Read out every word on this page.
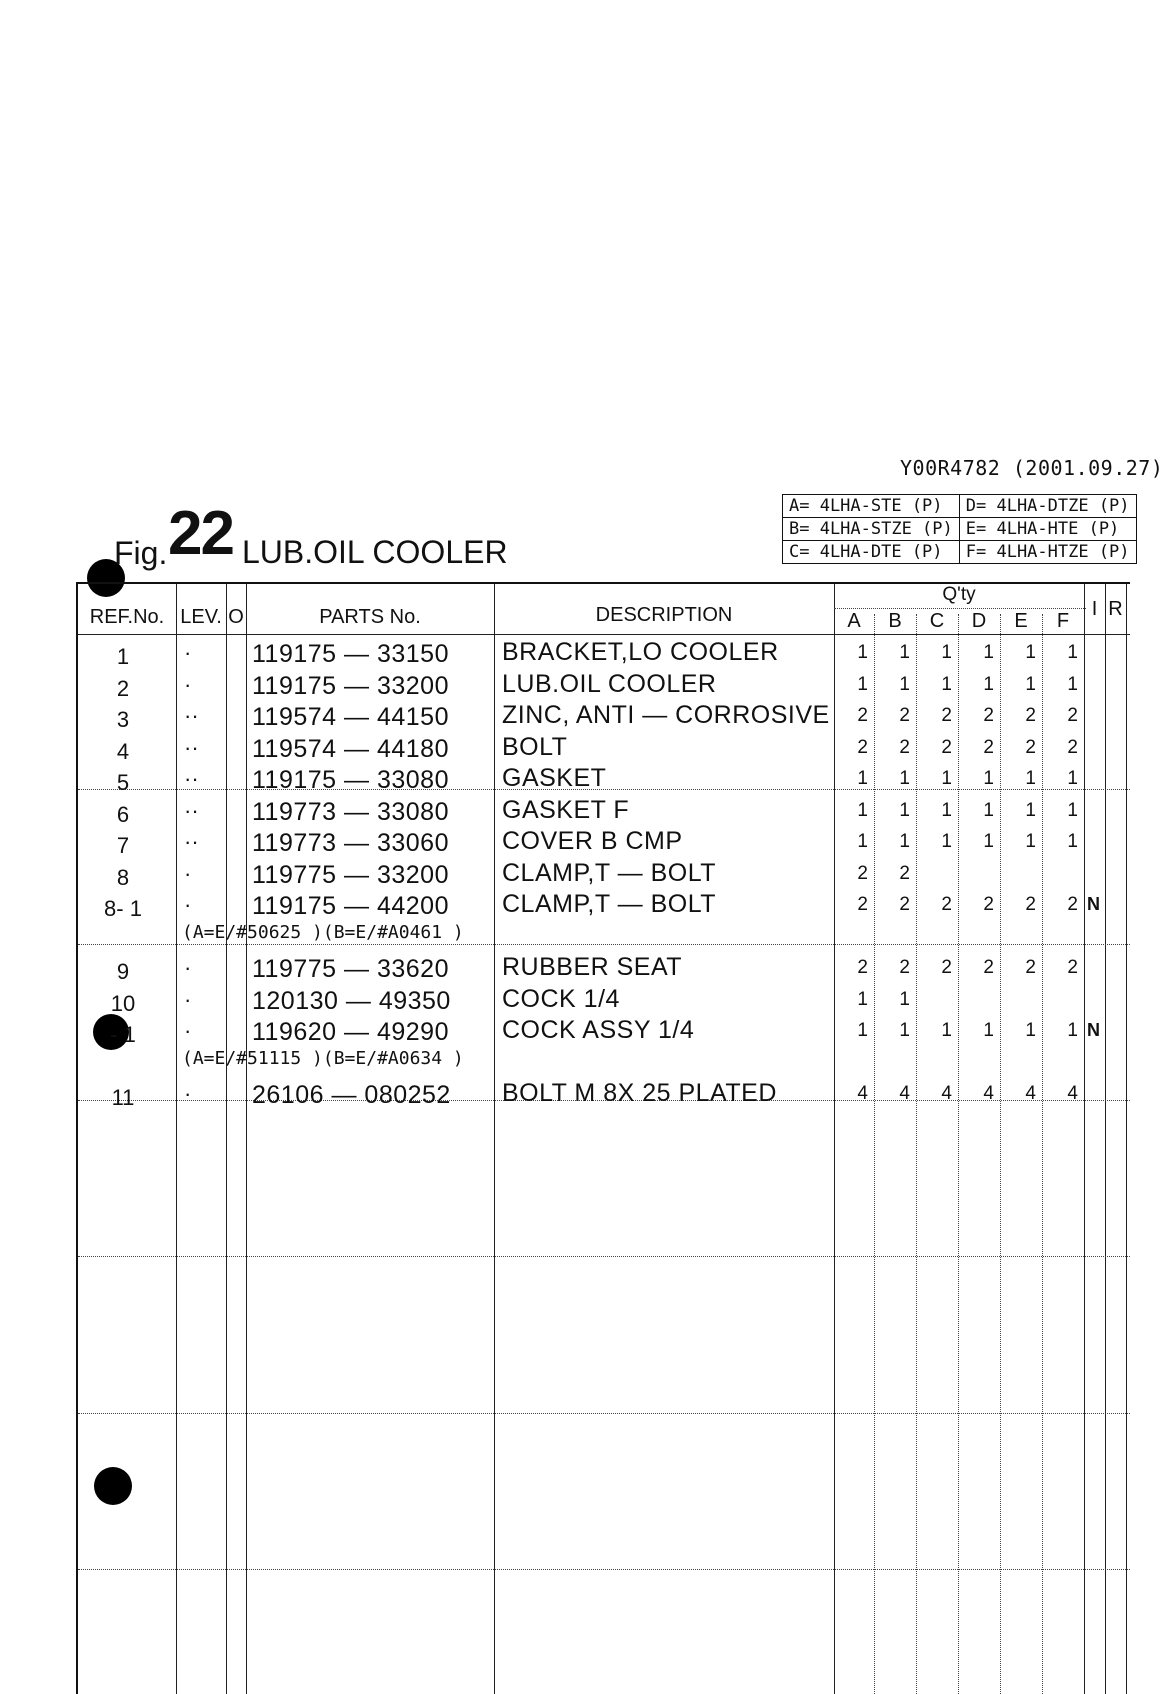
Y00R4782 (2001.09.27)
Fig. 22 LUB.OIL COOLER
A= 4LHA-STE (P)	D= 4LHA-DTZE (P)
B= 4LHA-STZE (P)	E= 4LHA-HTE (P)
C= 4LHA-DTE (P)	F= 4LHA-HTZE (P)
REF.No. LEV. O	PARTS No.	DESCRIPTION
Q'ty
A	B	C	D	E	F
I R
1	· 119175 — 33150 BRACKET,LO COOLER	1	1	1	1	1	1
2	· 119175 — 33200 LUB.OIL COOLER	1	1	1	1	1	1
3	·· 119574 — 44150 ZINC, ANTI — CORROSIVE	2	2	2	2	2	2
4	·· 119574 — 44180 BOLT	2	2	2	2	2	2
5	·· 119175 — 33080 GASKET	1	1	1	1	1	1
6	·· 119773 — 33080 GASKET F	1	1	1	1	1	1
7	·· 119773 — 33060 COVER B CMP	1	1	1	1	1	1
8	· 119775 — 33200 CLAMP,T — BOLT	2	2
8- 1	· 119175 — 44200 CLAMP,T — BOLT	2	2	2	2	2	2 N
(A=E/#50625 )(B=E/#A0461 )
9	· 119775 — 33620 RUBBER SEAT	2	2	2	2	2	2
10	· 120130 — 49350 COCK 1/4	1	1
- 1	· 119620 — 49290 COCK ASSY 1/4	1	1	1	1	1	1 N
(A=E/#51115 )(B=E/#A0634 )
11	· 26106 — 080252 BOLT M 8X 25 PLATED	4	4	4	4	4	4
